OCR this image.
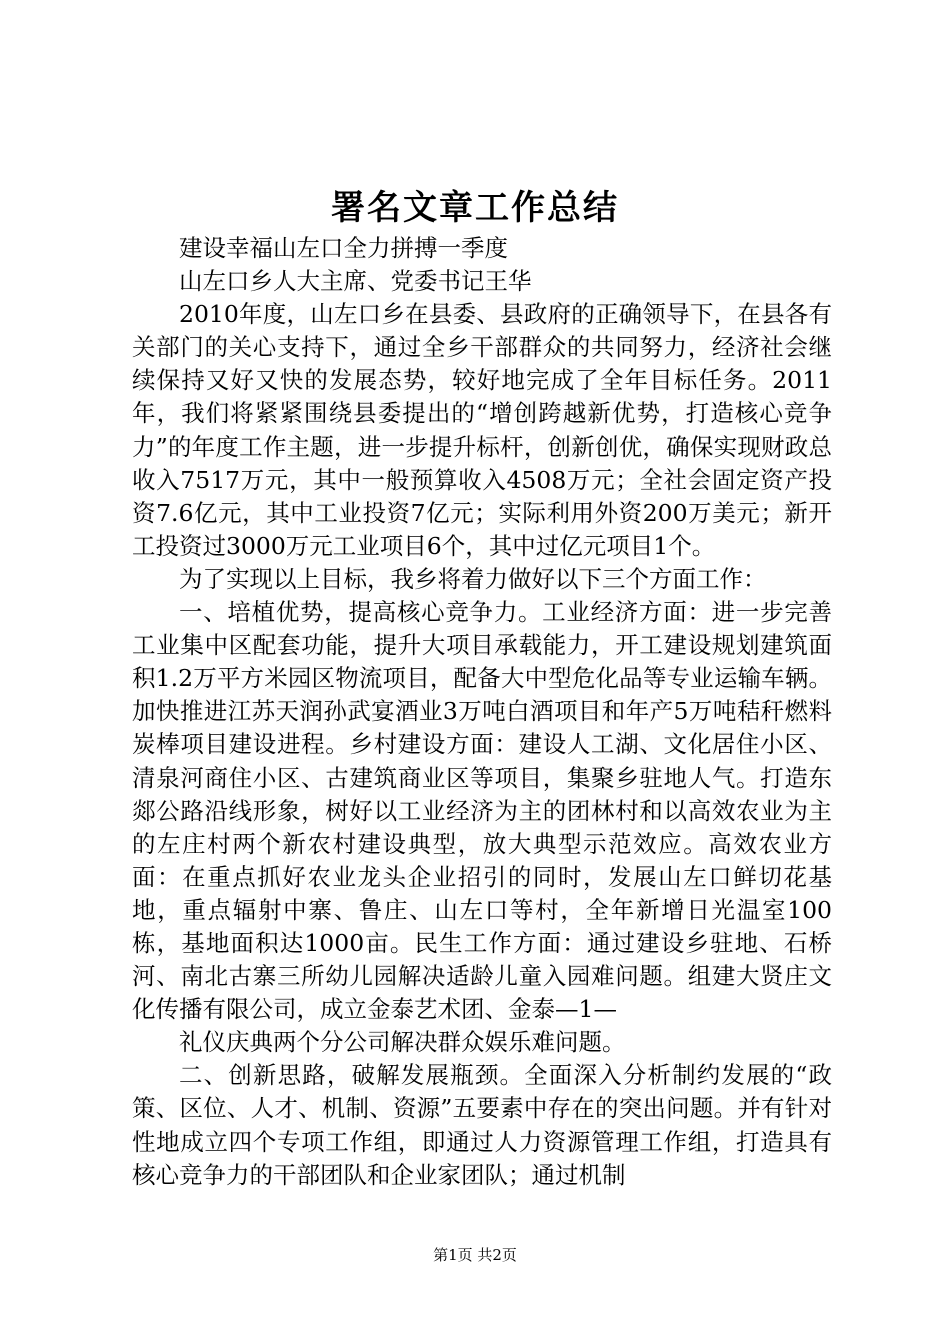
署名文章工作总结

建设幸福山左口全力拼搏一季度

山左口乡人大主席、党委书记王华

2010年度，山左口乡在县委、县政府的正确领导下，在县各有关部门的关心支持下，通过全乡干部群众的共同努力，经济社会继续保持又好又快的发展态势，较好地完成了全年目标任务。2011年，我们将紧紧围绕县委提出的“增创跨越新优势，打造核心竞争力”的年度工作主题，进一步提升标杆，创新创优，确保实现财政总收入7517万元，其中一般预算收入4508万元；全社会固定资产投资7.6亿元，其中工业投资7亿元；实际利用外资200万美元；新开工投资过3000万元工业项目6个，其中过亿元项目1个。

为了实现以上目标，我乡将着力做好以下三个方面工作：

一、培植优势，提高核心竞争力。工业经济方面：进一步完善工业集中区配套功能，提升大项目承载能力，开工建设规划建筑面积1.2万平方米园区物流项目，配备大中型危化品等专业运输车辆。加快推进江苏天润孙武宴酒业3万吨白酒项目和年产5万吨秸秆燃料炭棒项目建设进程。乡村建设方面：建设人工湖、文化居住小区、清泉河商住小区、古建筑商业区等项目，集聚乡驻地人气。打造东郯公路沿线形象，树好以工业经济为主的团林村和以高效农业为主的左庄村两个新农村建设典型，放大典型示范效应。高效农业方面：在重点抓好农业龙头企业招引的同时，发展山左口鲜切花基地，重点辐射中寨、鲁庄、山左口等村，全年新增日光温室100栋，基地面积达1000亩。民生工作方面：通过建设乡驻地、石桥河、南北古寨三所幼儿园解决适龄儿童入园难问题。组建大贤庄文化传播有限公司，成立金泰艺术团、金泰—1—

礼仪庆典两个分公司解决群众娱乐难问题。

二、创新思路，破解发展瓶颈。全面深入分析制约发展的“政策、区位、人才、机制、资源”五要素中存在的突出问题。并有针对性地成立四个专项工作组，即通过人力资源管理工作组，打造具有核心竞争力的干部团队和企业家团队；通过机制

第1页 共2页
